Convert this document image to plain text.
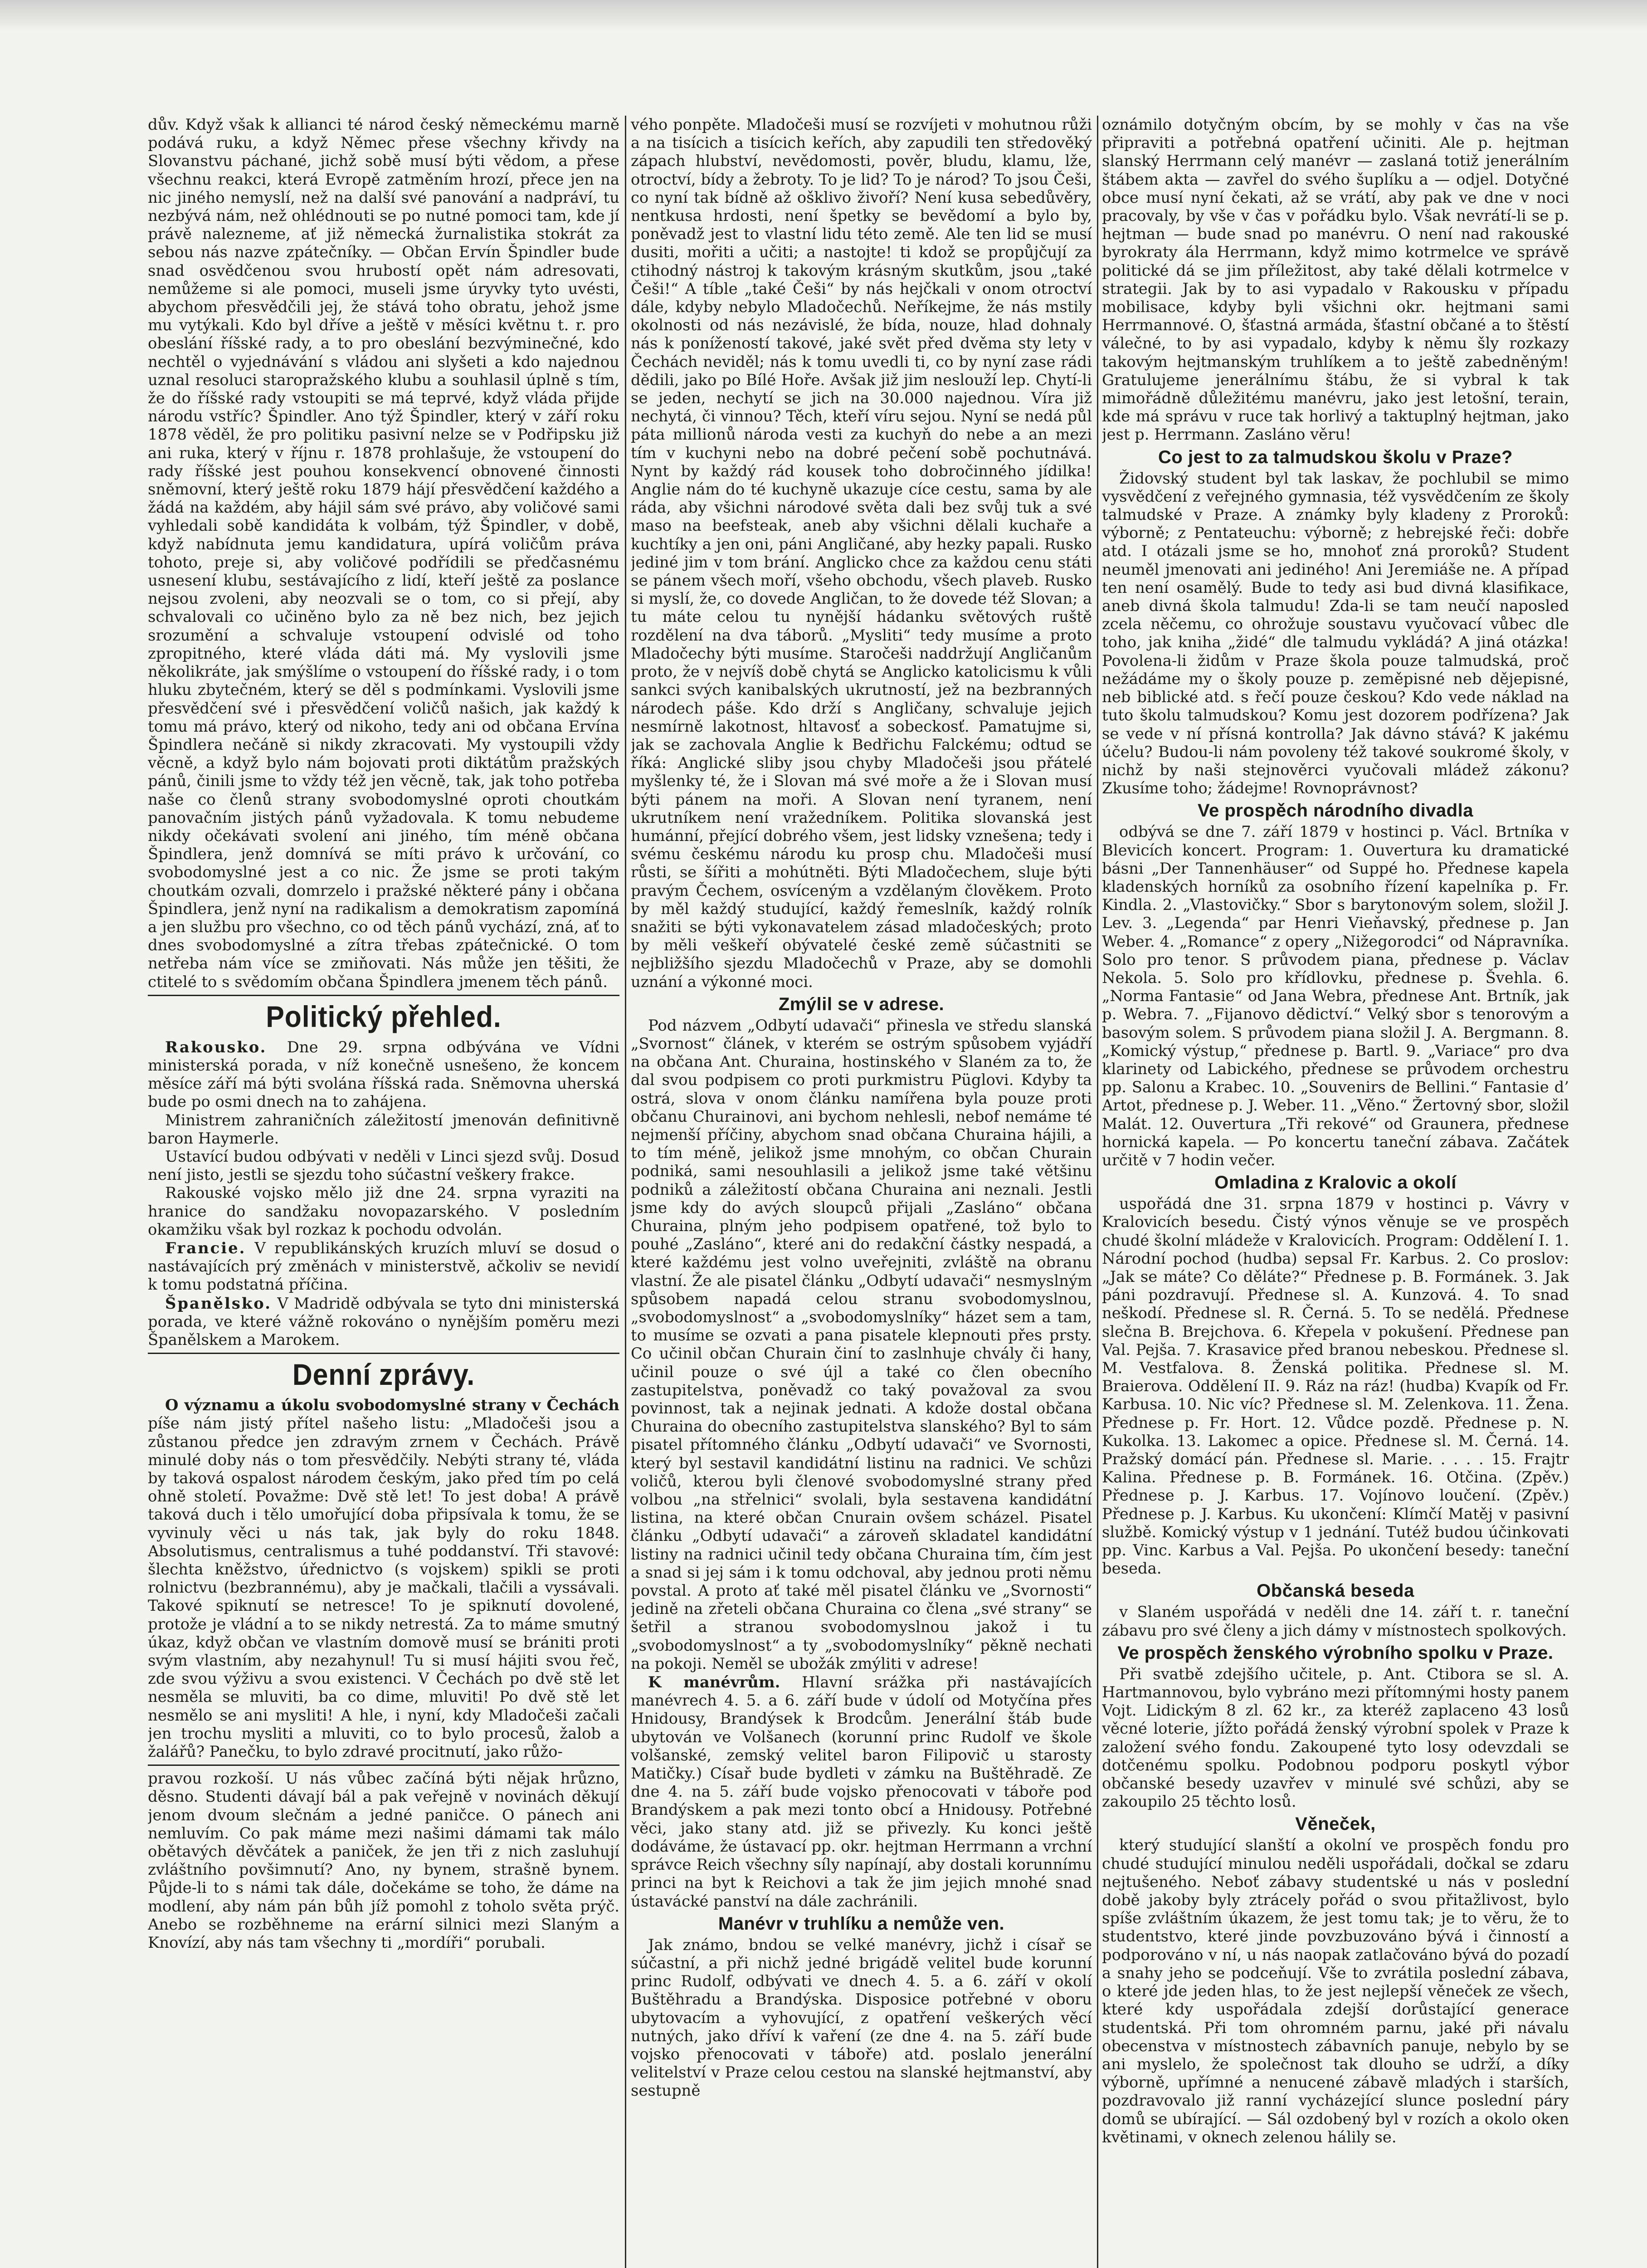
dův. Když však k allianci té národ český německému marně podává ruku, a když Němec přese všechny křivdy na Slovanstvu páchané, jichž sobě musí býti vědom, a přese všechnu reakci, která Evropě zatměním hrozí, přece jen na nic jiného nemyslí, než na další své panování a nadpráví, tu nezbývá nám, než ohlédnouti se po nutné pomoci tam, kde jí právě nalezneme, ať již německá žurnalistika stokrát za sebou nás nazve zpátečníky. — Občan Ervín Špindler bude snad osvědčenou svou hrubostí opět nám adresovati, nemůžeme si ale pomoci, museli jsme úryvky tyto uvésti, abychom přesvědčili jej, že stává toho obratu, jehož jsme mu vytýkali. Kdo byl dříve a ještě v měsíci květnu t. r. pro obeslání říšské rady, a to pro obeslání bezvýminečné, kdo nechtěl o vyjednávání s vládou ani slyšeti a kdo najednou uznal resoluci staropražského klubu a souhlasil úplně s tím, že do říšské rady vstoupiti se má teprvé, když vláda přijde národu vstříc? Špindler. Ano týž Špindler, který v září roku 1878 věděl, že pro politiku pasivní nelze se v Podřipsku již ani ruka, který v říjnu r. 1878 prohlašuje, že vstoupení do rady říšské jest pouhou konsekvencí obnovené činnosti sněmovní, který ještě roku 1879 hájí přesvědčení každého a žádá na každém, aby hájil sám své právo, aby voličové sami vyhledali sobě kandidáta k volbám, týž Špindler, v době, když nabídnuta jemu kandidatura, upírá voličům práva tohoto, preje si, aby voličové podřídili se předčasnému usnesení klubu, sestávajícího z lidí, kteří ještě za poslance nejsou zvoleni, aby neozvali se o tom, co si přejí, aby schvalovali co učiněno bylo za ně bez nich, bez jejich srozumění a schvaluje vstoupení odvislé od toho zpropitného, které vláda dáti má. My vyslovili jsme několikráte, jak smýšlíme o vstoupení do říšské rady, i o tom hluku zbytečném, který se děl s podmínkami. Vyslovili jsme přesvědčení své i přesvědčení voličů našich, jak každý k tomu má právo, který od nikoho, tedy ani od občana Ervína Špindlera nečáně si nikdy zkracovati. My vystoupili vždy věcně, a když bylo nám bojovati proti diktátům pražských pánů, činili jsme to vždy též jen věcně, tak, jak toho potřeba naše co členů strany svobodomyslné oproti choutkám panovačním jistých pánů vyžadovala. K tomu nebudeme nikdy očekávati svolení ani jiného, tím méně občana Špindlera, jenž domnívá se míti právo k určování, co svobodomyslné jest a co nic. Že jsme se proti takým choutkám ozvali, domrzelo i pražské některé pány i občana Špindlera, jenž nyní na radikalism a demokratism zapomíná a jen službu pro všechno, co od těch pánů vychází, zná, ať to dnes svobodomyslné a zítra třebas zpátečnické. O tom netřeba nám více se zmiňovati. Nás může jen těšiti, že ctitelé to s svědomím občana Špindlera jmenem těch pánů.

Politický přehled.

Rakousko. Dne 29. srpna odbývána ve Vídni ministerská porada, v níž konečně usnešeno, že koncem měsíce září má býti svolána říšská rada. Sněmovna uherská bude po osmi dnech na to zahájena.

Ministrem zahraničních záležitostí jmenován definitivně baron Haymerle.

Ustavící budou odbývati v neděli v Linci sjezd svůj. Dosud není jisto, jestli se sjezdu toho súčastní veškery frakce.

Rakouské vojsko mělo již dne 24. srpna vyraziti na hranice do sandžaku novopazarského. V posledním okamžiku však byl rozkaz k pochodu odvolán.

Francie. V republikánských kruzích mluví se dosud o nastávajících prý změnách v ministerstvě, ačkoliv se nevidí k tomu podstatná příčina.

Španělsko. V Madridě odbývala se tyto dni ministerská porada, ve které vážně rokováno o nynějším poměru mezi Španělskem a Marokem.

Denní zprávy.

O významu a úkolu svobodomyslné strany v Čechách píše nám jistý přítel našeho listu: „Mladočeši jsou a zůstanou předce jen zdravým zrnem v Čechách. Právě minulé doby nás o tom přesvědčily. Nebýti strany té, vláda by taková ospalost národem českým, jako před tím po celá ohně století. Považme: Dvě stě let! To jest doba! A právě taková duch i tělo umořující doba připsívala k tomu, že se vyvinuly věci u nás tak, jak byly do roku 1848. Absolutismus, centralismus a tuhé poddanství. Tři stavové: šlechta kněžstvo, úřednictvo (s vojskem) spikli se proti rolnictvu (bezbrannému), aby je mačkali, tlačili a vyssávali. Takové spiknutí se netresce! To je spiknutí dovolené, protože je vládní a to se nikdy netrestá. Za to máme smutný úkaz, když občan ve vlastním domově musí se brániti proti svým vlastním, aby nezahynul! Tu si musí hájiti svou řeč, zde svou výživu a svou existenci. V Čechách po dvě stě let nesměla se mluviti, ba co dime, mluviti! Po dvě stě let nesmělo se ani mysliti! A hle, i nyní, kdy Mladočeši začali jen trochu mysliti a mluviti, co to bylo procesů, žalob a žalářů? Panečku, to bylo zdravé procitnutí, jako růžo-

pravou rozkoší. U nás vůbec začíná býti nějak hrůzno, děsno. Studenti dávají bál a pak veřejně v novinách děkují jenom dvoum slečnám a jedné paničce. O pánech ani nemluvím. Co pak máme mezi našimi dámami tak málo obětavých děvčátek a paniček, že jen tři z nich zasluhují zvláštního povšimnutí? Ano, ny bynem, strašně bynem. Půjde-li to s námi tak dále, dočekáme se toho, že dáme na modlení, aby nám pán bůh jíž pomohl z toholo světa prýč. Anebo se rozběhneme na erární silnici mezi Slaným a Knovízí, aby nás tam všechny ti „mordíři“ porubali.

vého ponpěte. Mladočeši musí se rozvíjeti v mohutnou růži a na tisícich a tisícich keřích, aby zapudili ten středověký zápach hlubství, nevědomosti, pověr, bludu, klamu, lže, otroctví, bídy a žebroty. To je lid? To je národ? To jsou Češi, co nyní tak bídně až ošklivo živoří? Není kusa sebedůvěry, nentkusa hrdosti, není špetky se bevědomí a bylo by, poněvadž jest to vlastní lidu této země. Ale ten lid se musí dusiti, mořiti a učiti; a nastojte! ti kdož se propůjčují za ctihodný nástroj k takovým krásným skutkům, jsou „také Češi!“ A tíble „také Češi“ by nás hejčkali v onom otroctví dále, kdyby nebylo Mladočechů. Neříkejme, že nás mstily okolnosti od nás nezávislé, že bída, nouze, hlad dohnaly nás k ponížeností takové, jaké svět před dvěma sty lety v Čechách neviděl; nás k tomu uvedli ti, co by nyní zase rádi dědili, jako po Bílé Hoře. Avšak již jim neslouží lep. Chytí-li se jeden, nechytí se jich na 30.000 najednou. Víra již nechytá, či vinnou? Těch, kteří víru sejou. Nyní se nedá půl páta millionů národa vesti za kuchyň do nebe a an mezi tím v kuchyni nebo na dobré pečení sobě pochutnává. Nynt by každý rád kousek toho dobročinného jídilka! Anglie nám do té kuchyně ukazuje cíce cestu, sama by ale ráda, aby všichni národové světa dali bez svůj tuk a své maso na beefsteak, aneb aby všichni dělali kuchaře a kuchtíky a jen oni, páni Angličané, aby hezky papali. Rusko jediné jim v tom brání. Anglicko chce za každou cenu státi se pánem všech moří, všeho obchodu, všech plaveb. Rusko si myslí, že, co dovede Angličan, to že dovede též Slovan; a tu máte celou tu nynější hádanku světových ruště rozdělení na dva táborů. „Mysliti“ tedy musíme a proto Mladočechy býti musíme. Staročeši naddržují Angličanům proto, že v nejvíš době chytá se Anglicko katolicismu k vůli sankci svých kanibalských ukrutností, jež na bezbranných národech páše. Kdo drží s Angličany, schvaluje jejich nesmírně lakotnost, hltavosť a sobeckosť. Pamatujme si, jak se zachovala Anglie k Bedřichu Falckému; odtud se říká: Anglické sliby jsou chyby Mladočeši jsou přátelé myšlenky té, že i Slovan má své moře a že i Slovan musí býti pánem na moři. A Slovan není tyranem, není ukrutníkem není vražedníkem. Politika slovanská jest humánní, přející dobrého všem, jest lidsky vznešena; tedy i svému českému národu ku prosp chu. Mladočeši musí růsti, se šířiti a mohútněti. Býti Mladočechem, sluje býti pravým Čechem, osvíceným a vzdělaným člověkem. Proto by měl každý studující, každý řemeslník, každý rolník snažiti se býti vykonavatelem zásad mladočeských; proto by měli veškeří obývatelé české země súčastniti se nejbližšího sjezdu Mladočechů v Praze, aby se domohli uznání a výkonné moci.

Zmýlil se v adrese.

Pod názvem „Odbytí udavači“ přinesla ve středu slanská „Svornost“ článek, v kterém se ostrým spůsobem vyjádří na občana Ant. Churaina, hostinského v Slaném za to, že dal svou podpisem co proti purkmistru Püglovi. Kdyby ta ostrá, slova v onom článku namířena byla pouze proti občanu Churainovi, ani bychom nehlesli, nebof nemáme té nejmenší příčiny, abychom snad občana Churaina hájili, a to tím méně, jelikož jsme mnohým, co občan Churain podniká, sami nesouhlasili a jelikož jsme také většinu podniků a záležitostí občana Churaina ani neznali. Jestli jsme kdy do avých sloupců přijali „Zasláno“ občana Churaina, plným jeho podpisem opatřené, tož bylo to pouhé „Zasláno“, které ani do redakční částky nespadá, a které každému jest volno uveřejniti, zvláště na obranu vlastní. Že ale pisatel článku „Odbytí udavači“ nesmyslným spůsobem napadá celou stranu svobodomyslnou, „svobodomyslnost“ a „svobodomyslníky“ házet sem a tam, to musíme se ozvati a pana pisatele klepnouti přes prsty. Co učinil občan Churain činí to zaslnhuje chvály či hany, učinil pouze o své újl a také co člen obecního zastupitelstva, poněvadž co taký považoval za svou povinnost, tak a nejinak jednati. A kdože dostal občana Churaina do obecního zastupitelstva slanského? Byl to sám pisatel přítomného článku „Odbytí udavači“ ve Svornosti, který byl sestavil kandidátní listinu na radnici. Ve schůzi voličů, kterou byli členové svobodomyslné strany před volbou „na střelnici“ svolali, byla sestavena kandidátní listina, na které občan Cnurain ovšem scházel. Pisatel článku „Odbytí udavači“ a zároveň skladatel kandidátní listiny na radnici učinil tedy občana Churaina tím, čím jest a snad si jej sám i k tomu odchoval, aby jednou proti němu povstal. A proto ať také měl pisatel článku ve „Svornosti“ jedině na zřeteli občana Churaina co člena „své strany“ se šetřil a stranou svobodomyslnou jakož i tu „svobodomyslnost“ a ty „svobodomyslníky“ pěkně nechati na pokoji. Neměl se ubožák zmýliti v adrese!

K manévrům. Hlavní srážka při nastávajících manévrech 4. 5. a 6. září bude v údolí od Motyčína přes Hnidousy, Brandýsek k Brodcům. Jenerální štáb bude ubytován ve Volšanech (korunní princ Rudolf ve škole volšanské, zemský velitel baron Filipovič u starosty Matičky.) Císař bude bydleti v zámku na Buštěhradě. Ze dne 4. na 5. září bude vojsko přenocovati v táboře pod Brandýskem a pak mezi tonto obcí a Hnidousy. Potřebné věci, jako stany atd. již se přivezly. Ku konci ještě dodáváme, že ústavací pp. okr. hejtman Herrmann a vrchní správce Reich všechny síly napínají, aby dostali korunnímu princi na byt k Reichovi a tak že jim jejich mnohé snad ústavácké panství na dále zachránili.

Manévr v truhlíku a nemůže ven.

Jak známo, bndou se velké manévry, jichž i císař se súčastní, a při nichž jedné brigádě velitel bude korunní princ Rudolf, odbývati ve dnech 4. 5. a 6. září v okolí Buštěhradu a Brandýska. Disposice potřebné v oboru ubytovacím a vyhovující, z opatření veškerých věcí nutných, jako dříví k vaření (ze dne 4. na 5. září bude vojsko přenocovati v táboře) atd. poslalo jenerální velitelství v Praze celou cestou na slanské hejtmanství, aby sestupně

oznámilo dotyčným obcím, by se mohly v čas na vše připraviti a potřebná opatření učiniti. Ale p. hejtman slanský Herrmann celý manévr — zaslaná totiž jenerálním štábem akta — zavřel do svého šuplíku a — odjel. Dotyčné obce musí nyní čekati, až se vrátí, aby pak ve dne v noci pracovaly, by vše v čas v pořádku bylo. Však nevrátí-li se p. hejtman — bude snad po manévru. O není nad rakouské byrokraty ála Herrmann, když mimo kotrmelce ve správě politické dá se jim příležitost, aby také dělali kotrmelce v strategii. Jak by to asi vypadalo v Rakousku v případu mobilisace, kdyby byli všichni okr. hejtmani sami Herrmannové. O, šťastná armáda, šťastní občané a to štěstí válečné, to by asi vypadalo, kdyby k němu šly rozkazy takovým hejtmanským truhlíkem a to ještě zabedněným! Gratulujeme jenerálnímu štábu, že si vybral k tak mimořádně důležitému manévru, jako jest letošní, terain, kde má správu v ruce tak horlivý a taktuplný hejtman, jako jest p. Herrmann. Zasláno věru!

Co jest to za talmudskou školu v Praze?

Židovský student byl tak laskav, že pochlubil se mimo vysvědčení z veřejného gymnasia, též vysvědčením ze školy talmudské v Praze. A známky byly kladeny z Proroků: výborně; z Pentateuchu: výborně; z hebrejské řeči: dobře atd. I otázali jsme se ho, mnohoť zná proroků? Student neuměl jmenovati ani jediného! Ani Jeremiáše ne. A případ ten není osamělý. Bude to tedy asi bud divná klasifikace, aneb divná škola talmudu! Zda-li se tam neučí naposled zcela něčemu, co ohrožuje soustavu vyučovací vůbec dle toho, jak kniha „židé“ dle talmudu vykládá? A jiná otázka! Povolena-li židům v Praze škola pouze talmudská, proč nežádáme my o školy pouze p. zeměpisné neb dějepisné, neb biblické atd. s řečí pouze českou? Kdo vede náklad na tuto školu talmudskou? Komu jest dozorem podřízena? Jak se vede v ní přísná kontrolla? Jak dávno stává? K jakému účelu? Budou-li nám povoleny též takové soukromé školy, v nichž by naši stejnověrci vyučovali mládež zákonu? Zkusíme toho; žádejme! Rovnoprávnost?

Ve prospěch národního divadla

odbývá se dne 7. září 1879 v hostinci p. Václ. Brtníka v Blevicích koncert. Program: 1. Ouvertura ku dramatické básni „Der Tannenhäuser“ od Suppé ho. Přednese kapela kladenských horníků za osobního řízení kapelníka p. Fr. Kindla. 2. „Vlastovičky.“ Sbor s barytonovým solem, složil J. Lev. 3. „Legenda“ par Henri Vieňavský, přednese p. Jan Weber. 4. „Romance“ z opery „Nižegorodci“ od Nápravníka. Solo pro tenor. S průvodem piana, přednese p. Václav Nekola. 5. Solo pro křídlovku, přednese p. Švehla. 6. „Norma Fantasie“ od Jana Webra, přednese Ant. Brtník, jak p. Webra. 7. „Fijanovo dědictví.“ Velký sbor s tenorovým a basovým solem. S průvodem piana složil J. A. Bergmann. 8. „Komický výstup,“ přednese p. Bartl. 9. „Variace“ pro dva klarinety od Labického, přednese se průvodem orchestru pp. Salonu a Krabec. 10. „Souvenirs de Bellini.“ Fantasie d’ Artot, přednese p. J. Weber. 11. „Věno.“ Žertovný sbor, složil Malát. 12. Ouvertura „Tři rekové“ od Graunera, přednese hornická kapela. — Po koncertu taneční zábava. Začátek určitě v 7 hodin večer.

Omladina z Kralovic a okolí

uspořádá dne 31. srpna 1879 v hostinci p. Vávry v Kralovicích besedu. Čistý výnos věnuje se ve prospěch chudé školní mládeže v Kralovicích. Program: Oddělení I. 1. Národní pochod (hudba) sepsal Fr. Karbus. 2. Co proslov: „Jak se máte? Co děláte?“ Přednese p. B. Formánek. 3. Jak páni pozdravují. Přednese sl. A. Kunzová. 4. To snad neškodí. Přednese sl. R. Černá. 5. To se nedělá. Přednese slečna B. Brejchova. 6. Křepela v pokušení. Přednese pan Val. Pejša. 7. Krasavice před branou nebeskou. Přednese sl. M. Vestfalova. 8. Ženská politika. Přednese sl. M. Braierova. Oddělení II. 9. Ráz na ráz! (hudba) Kvapík od Fr. Karbusa. 10. Nic víc? Přednese sl. M. Zelenkova. 11. Žena. Přednese p. Fr. Hort. 12. Vůdce pozdě. Přednese p. N. Kukolka. 13. Lakomec a opice. Přednese sl. M. Černá. 14. Pražský domácí pán. Přednese sl. Marie. . . . . 15. Frajtr Kalina. Přednese p. B. Formánek. 16. Otčina. (Zpěv.) Přednese p. J. Karbus. 17. Vojínovo loučení. (Zpěv.) Přednese p. J. Karbus. Ku ukončení: Klímčí Matěj v pasivní službě. Komický výstup v 1 jednání. Tutéž budou účinkovati pp. Vinc. Karbus a Val. Pejša. Po ukončení besedy: taneční beseda.

Občanská beseda

v Slaném uspořádá v neděli dne 14. září t. r. taneční zábavu pro své členy a jich dámy v místnostech spolkových.

Ve prospěch ženského výrobního spolku v Praze.

Při svatbě zdejšího učitele, p. Ant. Ctibora se sl. A. Hartmannovou, bylo vybráno mezi přítomnými hosty panem Vojt. Lidickým 8 zl. 62 kr., za kteréž zaplaceno 43 losů věcné loterie, jížto pořádá ženský výrobní spolek v Praze k založení svého fondu. Zakoupené tyto losy odevzdali se dotčenému spolku. Podobnou podporu poskytl výbor občanské besedy uzavřev v minulé své schůzi, aby se zakoupilo 25 těchto losů.

Věneček,

který studující slanští a okolní ve prospěch fondu pro chudé studující minulou neděli uspořádali, dočkal se zdaru nejtušeného. Neboť zábavy studentské u nás v poslední době jakoby byly ztrácely pořád o svou přitažlivost, bylo spíše zvláštním úkazem, že jest tomu tak; je to věru, že to studentstvo, které jinde povzbuzováno bývá i činností a podporováno v ní, u nás naopak zatlačováno bývá do pozadí a snahy jeho se podceňují. Vše to zvrátila poslední zábava, o které jde jeden hlas, to že jest nejlepší věneček ze všech, které kdy uspořádala zdejší dorůstající generace studentská. Při tom ohromném parnu, jaké při návalu obecenstva v místnostech zábavních panuje, nebylo by se ani myslelo, že společnost tak dlouho se udrží, a díky výborně, upřímné a nenucené zábavě mladých i starších, pozdravovalo již ranní vycházející slunce poslední páry domů se ubírající. — Sál ozdobený byl v rozích a okolo oken květinami, v oknech zelenou hálily se.
